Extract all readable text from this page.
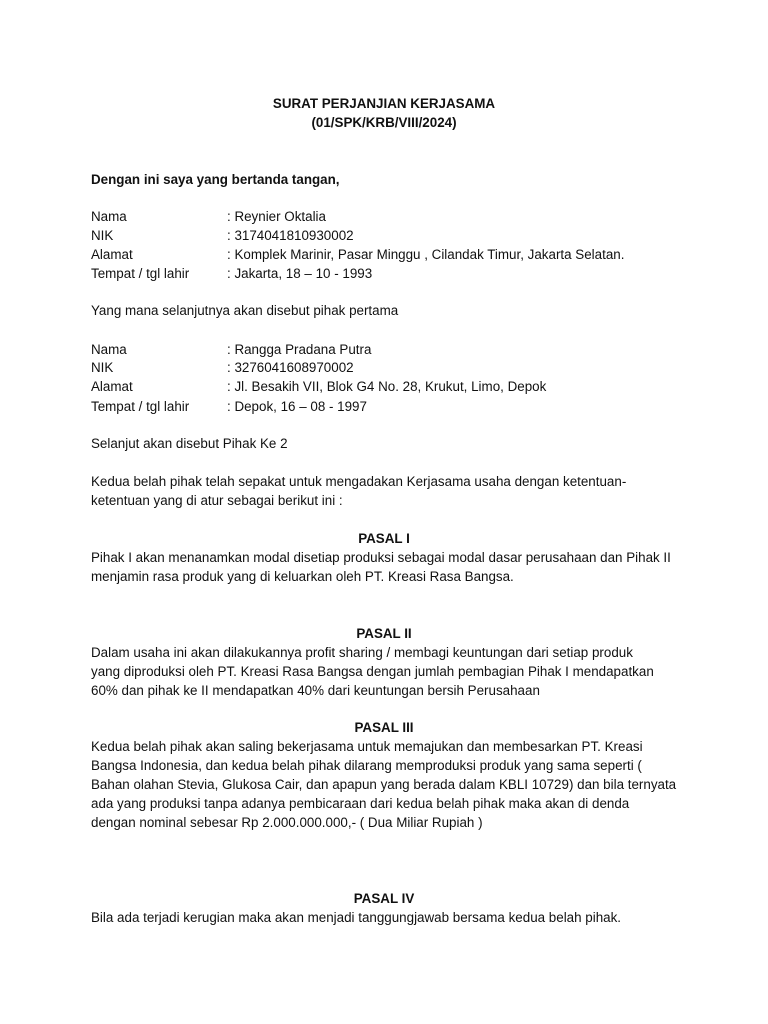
SURAT PERJANJIAN KERJASAMA
(01/SPK/KRB/VIII/2024)
Dengan ini saya yang bertanda tangan,
Nama	: Reynier Oktalia
NIK	: 3174041810930002
Alamat	: Komplek Marinir, Pasar Minggu , Cilandak Timur, Jakarta Selatan.
Tempat / tgl lahir	: Jakarta, 18 – 10 - 1993
Yang mana selanjutnya akan disebut pihak pertama
Nama	: Rangga Pradana Putra
NIK	: 3276041608970002
Alamat	: Jl. Besakih VII, Blok G4 No. 28, Krukut, Limo, Depok
Tempat / tgl lahir	: Depok, 16 – 08 - 1997
Selanjut akan disebut Pihak Ke 2
Kedua belah pihak telah sepakat untuk mengadakan Kerjasama usaha dengan ketentuan-
ketentuan yang di atur sebagai berikut ini :
PASAL I
Pihak I akan menanamkan modal disetiap produksi sebagai modal dasar perusahaan dan Pihak II
menjamin rasa produk yang di keluarkan oleh PT. Kreasi Rasa Bangsa.
PASAL II
Dalam usaha ini akan dilakukannya profit sharing / membagi keuntungan dari setiap produk
yang diproduksi oleh PT. Kreasi Rasa Bangsa dengan jumlah pembagian Pihak I mendapatkan
60% dan pihak ke II mendapatkan 40% dari keuntungan bersih Perusahaan
PASAL III
Kedua belah pihak akan saling bekerjasama untuk memajukan dan membesarkan PT. Kreasi
Bangsa Indonesia, dan kedua belah pihak dilarang memproduksi produk yang sama seperti (
Bahan olahan Stevia, Glukosa Cair, dan apapun yang berada dalam KBLI 10729) dan bila ternyata
ada yang produksi tanpa adanya pembicaraan dari kedua belah pihak maka akan di denda
dengan nominal sebesar Rp 2.000.000.000,- ( Dua Miliar Rupiah )
PASAL IV
Bila ada terjadi kerugian maka akan menjadi tanggungjawab bersama kedua belah pihak.
